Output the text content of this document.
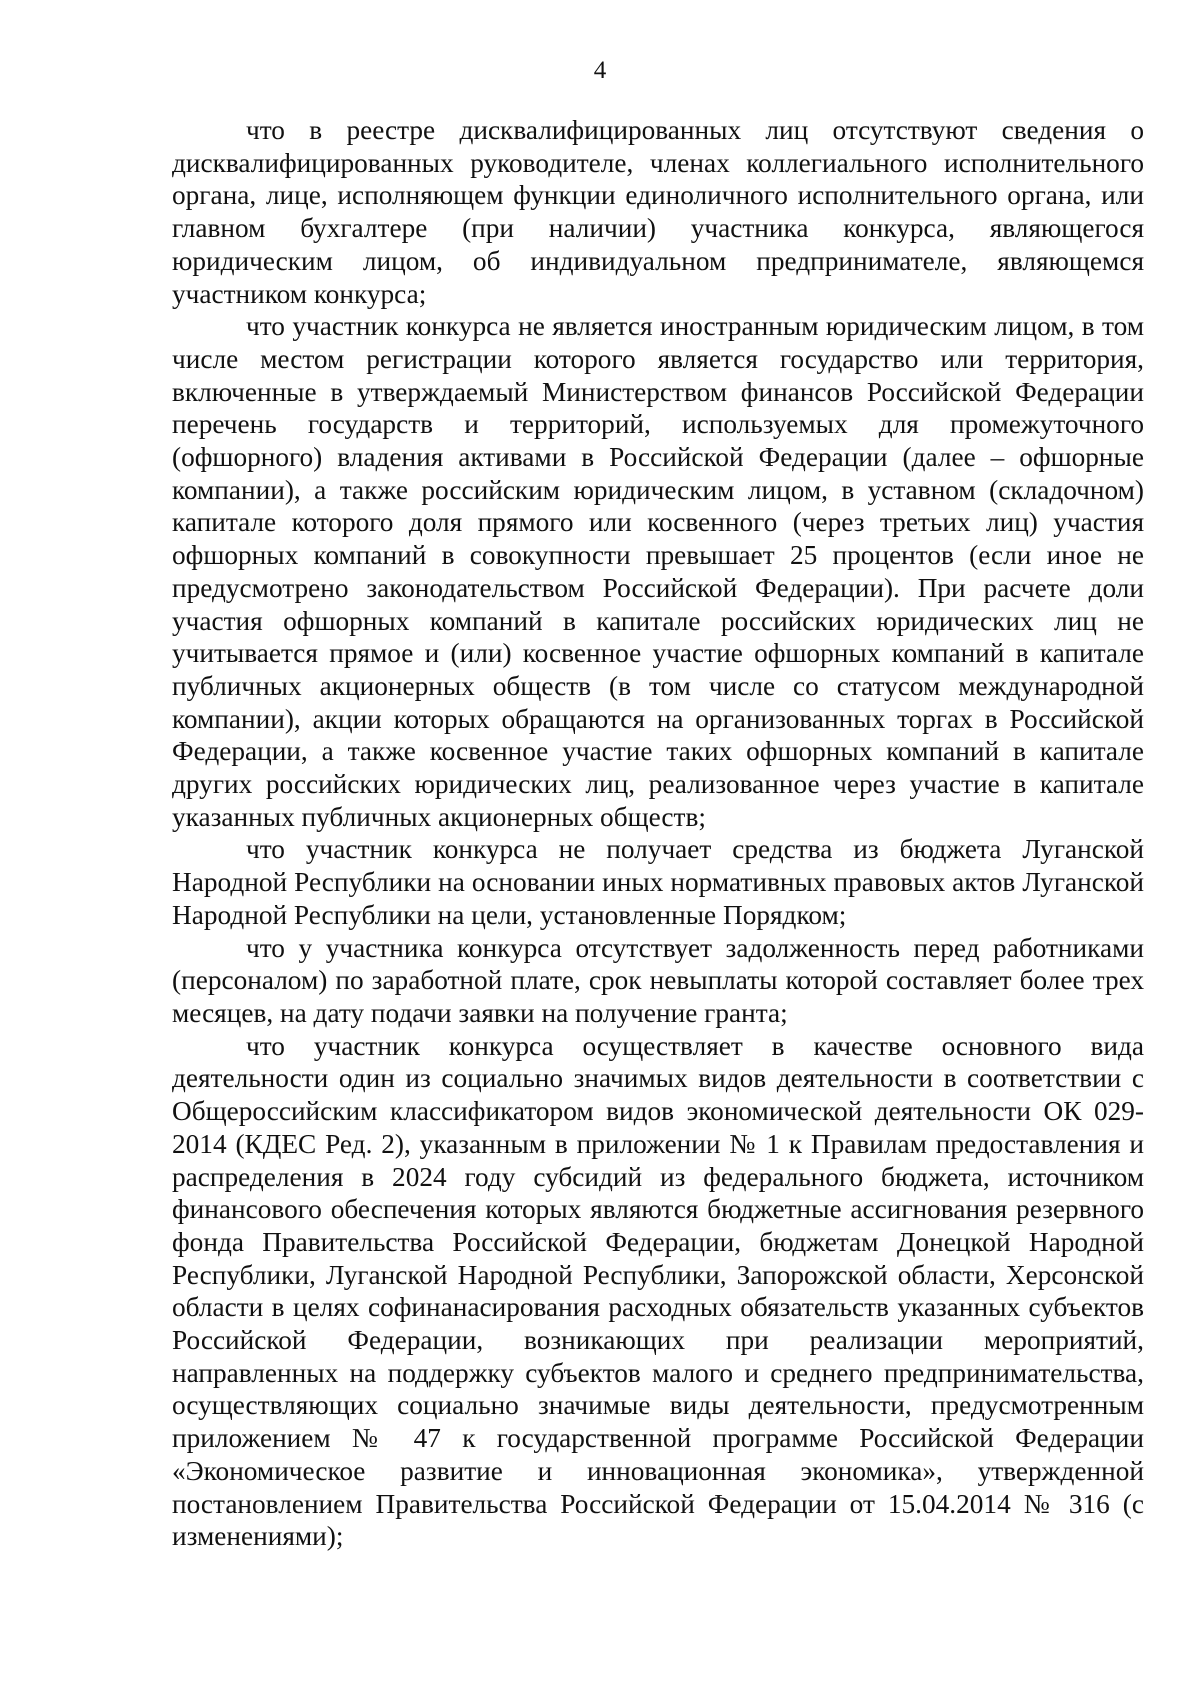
4

что в реестре дисквалифицированных лиц отсутствуют сведения о дисквалифицированных руководителе, членах коллегиального исполнительного органа, лице, исполняющем функции единоличного исполнительного органа, или главном бухгалтере (при наличии) участника конкурса, являющегося юридическим лицом, об индивидуальном предпринимателе, являющемся участником конкурса;

что участник конкурса не является иностранным юридическим лицом, в том числе местом регистрации которого является государство или территория, включенные в утверждаемый Министерством финансов Российской Федерации перечень государств и территорий, используемых для промежуточного (офшорного) владения активами в Российской Федерации (далее – офшорные компании), а также российским юридическим лицом, в уставном (складочном) капитале которого доля прямого или косвенного (через третьих лиц) участия офшорных компаний в совокупности превышает 25 процентов (если иное не предусмотрено законодательством Российской Федерации). При расчете доли участия офшорных компаний в капитале российских юридических лиц не учитывается прямое и (или) косвенное участие офшорных компаний в капитале публичных акционерных обществ (в том числе со статусом международной компании), акции которых обращаются на организованных торгах в Российской Федерации, а также косвенное участие таких офшорных компаний в капитале других российских юридических лиц, реализованное через участие в капитале указанных публичных акционерных обществ;

что участник конкурса не получает средства из бюджета Луганской Народной Республики на основании иных нормативных правовых актов Луганской Народной Республики на цели, установленные Порядком;

что у участника конкурса отсутствует задолженность перед работниками (персоналом) по заработной плате, срок невыплаты которой составляет более трех месяцев, на дату подачи заявки на получение гранта;

что участник конкурса осуществляет в качестве основного вида деятельности один из социально значимых видов деятельности в соответствии с Общероссийским классификатором видов экономической деятельности ОК 029-2014 (КДЕС Ред. 2), указанным в приложении № 1 к Правилам предоставления и распределения в 2024 году субсидий из федерального бюджета, источником финансового обеспечения которых являются бюджетные ассигнования резервного фонда Правительства Российской Федерации, бюджетам Донецкой Народной Республики, Луганской Народной Республики, Запорожской области, Херсонской области в целях софинанасирования расходных обязательств указанных субъектов Российской Федерации, возникающих при реализации мероприятий, направленных на поддержку субъектов малого и среднего предпринимательства, осуществляющих социально значимые виды деятельности, предусмотренным приложением № 47 к государственной программе Российской Федерации «Экономическое развитие и инновационная экономика», утвержденной постановлением Правительства Российской Федерации от 15.04.2014 № 316 (с изменениями);
